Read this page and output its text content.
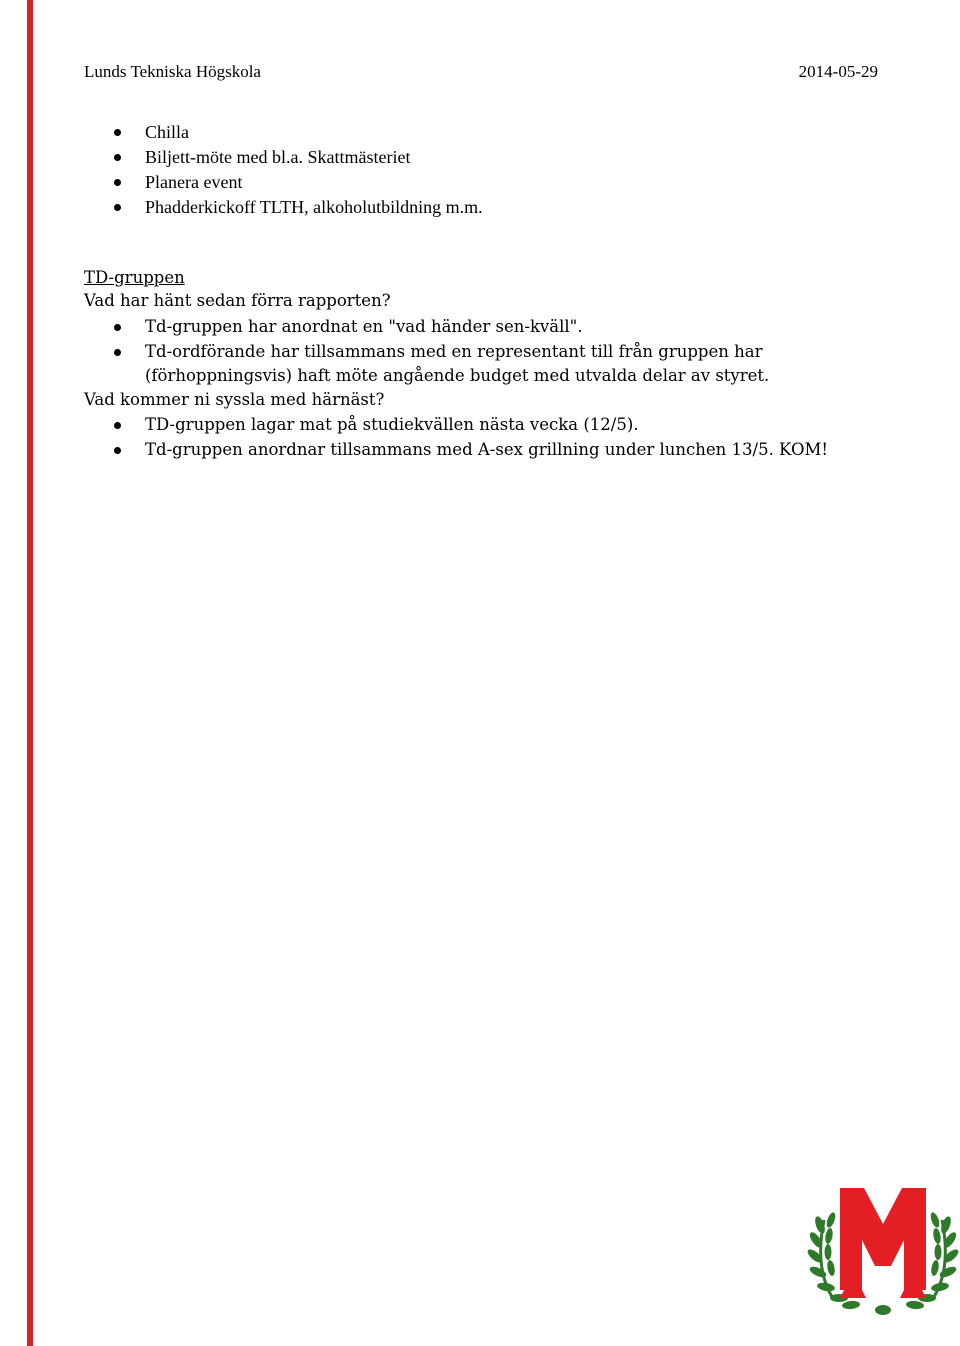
Lunds Tekniska Högskola	2014-05-29
Chilla
Biljett-möte med bl.a. Skattmästeriet
Planera event
Phadderkickoff TLTH, alkoholutbildning m.m.
TD-gruppen
Vad har hänt sedan förra rapporten?
Td-gruppen har anordnat en "vad händer sen-kväll".
Td-ordförande har tillsammans med en representant till från gruppen har (förhoppningsvis) haft möte angående budget med utvalda delar av styret.
Vad kommer ni syssla med härnäst?
TD-gruppen lagar mat på studiekvällen nästa vecka (12/5).
Td-gruppen anordnar tillsammans med A-sex grillning under lunchen 13/5. KOM!
